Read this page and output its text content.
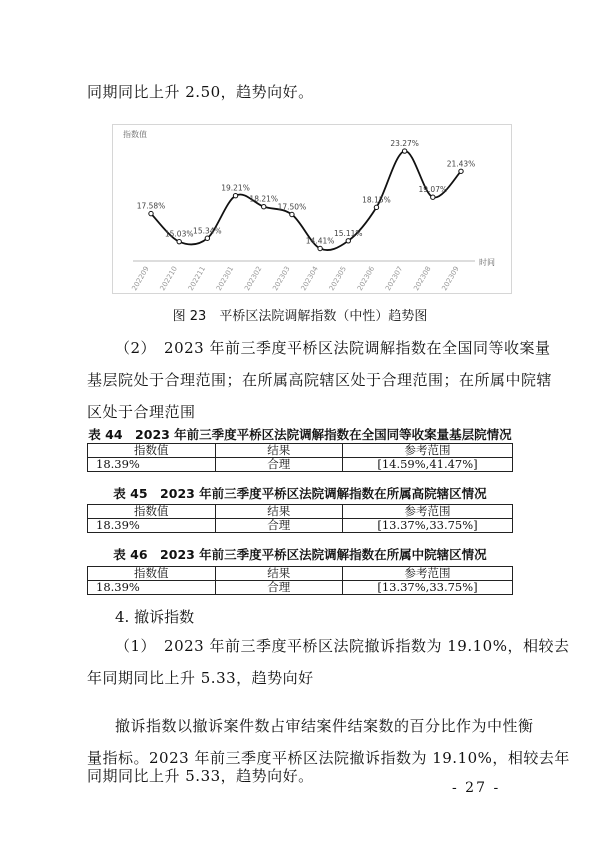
同期同比上升 2.50，趋势向好。
指数值
时间
17.58%
202209
15.03%
202210
15.34%
202211
19.21%
202301
18.21%
202302
17.50%
202303
14.41%
202304
15.11%
202305
18.15%
202306
23.27%
202307
19.07%
202308
21.43%
202309
图 23　平桥区法院调解指数（中性）趋势图
（2）　2023 年前三季度平桥区法院调解指数在全国同等收案量
基层院处于合理范围；在所属高院辖区处于合理范围；在所属中院辖
区处于合理范围
表 44　2023 年前三季度平桥区法院调解指数在全国同等收案量基层院情况
指数值	结果	参考范围
18.39%	合理	[14.59%,41.47%]
表 45　2023 年前三季度平桥区法院调解指数在所属高院辖区情况
指数值	结果	参考范围
18.39%	合理	[13.37%,33.75%]
表 46　2023 年前三季度平桥区法院调解指数在所属中院辖区情况
指数值	结果	参考范围
18.39%	合理	[13.37%,33.75%]
4. 撤诉指数
（1）　2023 年前三季度平桥区法院撤诉指数为 19.10%，相较去
年同期同比上升 5.33，趋势向好
撤诉指数以撤诉案件数占审结案件结案数的百分比作为中性衡
量指标。2023 年前三季度平桥区法院撤诉指数为 19.10%，相较去年
同期同比上升 5.33，趋势向好。
- 27 -
